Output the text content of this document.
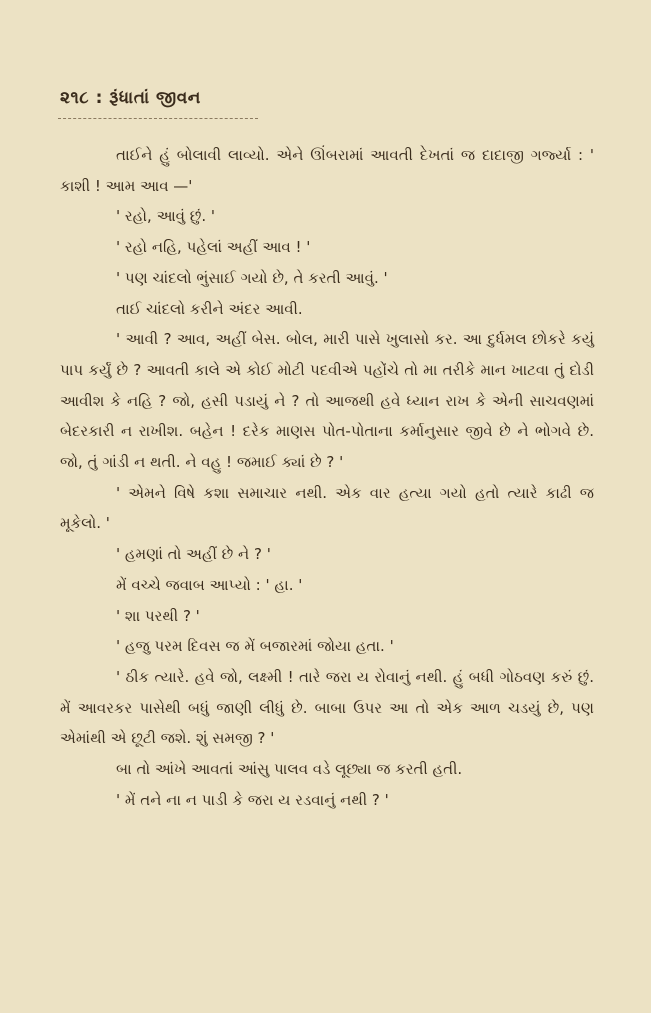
૨૧૮ : રૂંધાતાં જીવન

તાઈને હું બોલાવી લાવ્યો. એને ઊંબરામાં આવતી દેખતાં જ દાદાજી ગર્જ્યા : ' કાશી ! આમ આવ —'

' રહો, આવું છું. '

' રહો નહિ, પહેલાં અહીં આવ ! '

' પણ ચાંદલો ભુંસાઈ ગયો છે, તે કરતી આવું. '

તાઈ ચાંદલો કરીને અંદર આવી.

' આવી ? આવ, અહીં બેસ. બોલ, મારી પાસે ખુલાસો કર. આ દુર્ધમલ છોકરે કયું પાપ કર્યું છે ? આવતી કાલે એ કોઈ મોટી પદવીએ પહોંચે તો મા તરીકે માન ખાટવા તું દોડી આવીશ કે નહિ ? જો, હસી પડાયું ને ? તો આજથી હવે ધ્યાન રાખ કે એની સાચવણમાં બેદરકારી ન રાખીશ. બહેન ! દરેક માણસ પોત-પોતાના કર્માનુસાર જીવે છે ને ભોગવે છે. જો, તું ગાંડી ન થતી. ને વહુ ! જમાઈ ક્યાં છે ? '

' એમને વિષે કશા સમાચાર નથી. એક વાર હત્યા ગયો હતો ત્યારે કાઢી જ મૂકેલો. '

' હમણાં તો અહીં છે ને ? '

મેં વચ્ચે જવાબ આપ્યો : ' હા. '

' શા પરથી ? '

' હજુ પરમ દિવસ જ મેં બજારમાં જોયા હતા. '

' ઠીક ત્યારે. હવે જો, લક્ષ્મી ! તારે જરા ય રોવાનું નથી. હું બધી ગોઠવણ કરું છું. મેં આવરકર પાસેથી બધું જાણી લીધું છે. બાબા ઉપર આ તો એક આળ ચડયું છે, પણ એમાંથી એ છૂટી જશે. શું સમજી ? '

બા તો આંખે આવતાં આંસુ પાલવ વડે લૂછ્યા જ કરતી હતી.

' મેં તને ના ન પાડી કે જરા ય રડવાનું નથી ? '
